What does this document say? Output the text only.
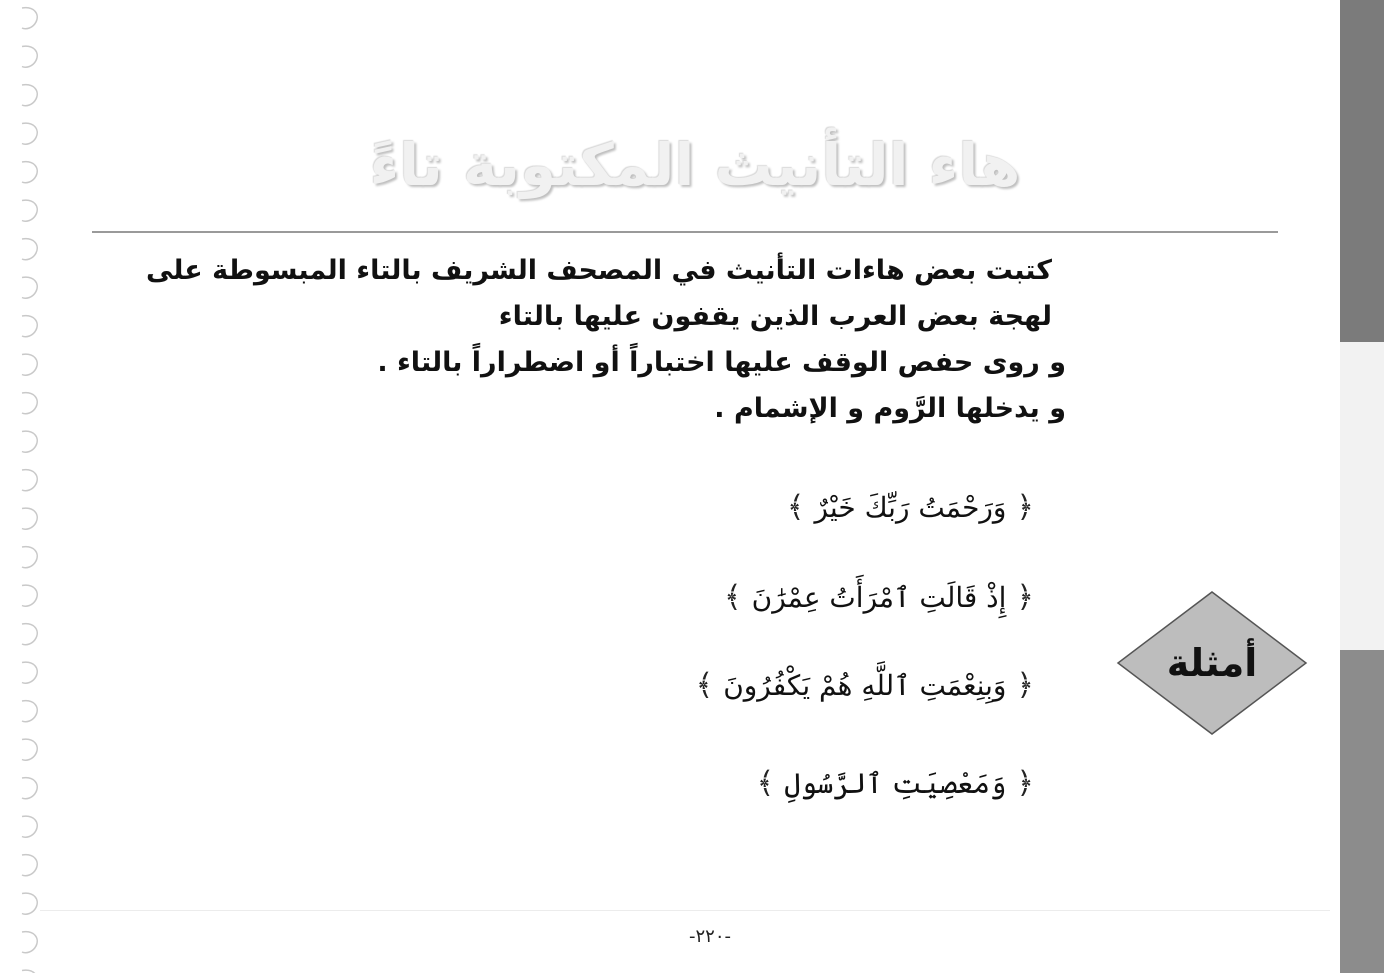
هاء التأنيث المكتوبة تاءً

كتبت بعض هاءات التأنيث في المصحف الشريف بالتاء المبسوطة على

لهجة بعض العرب الذين يقفون عليها بالتاء

و روى حفص الوقف عليها اختباراً أو اضطراراً بالتاء .

و يدخلها الرَّوم و الإشمام .

﴿وَرَحْمَتُ رَبِّكَ خَيْرٌ﴾
﴿إِذْ قَالَتِ ٱمْرَأَتُ عِمْرَٰنَ﴾
﴿وَبِنِعْمَتِ ٱللَّهِ هُمْ يَكْفُرُونَ﴾
﴿وَمَعْصِيَتِ ٱلرَّسُولِ﴾
أمثلة
-٢٢٠-
